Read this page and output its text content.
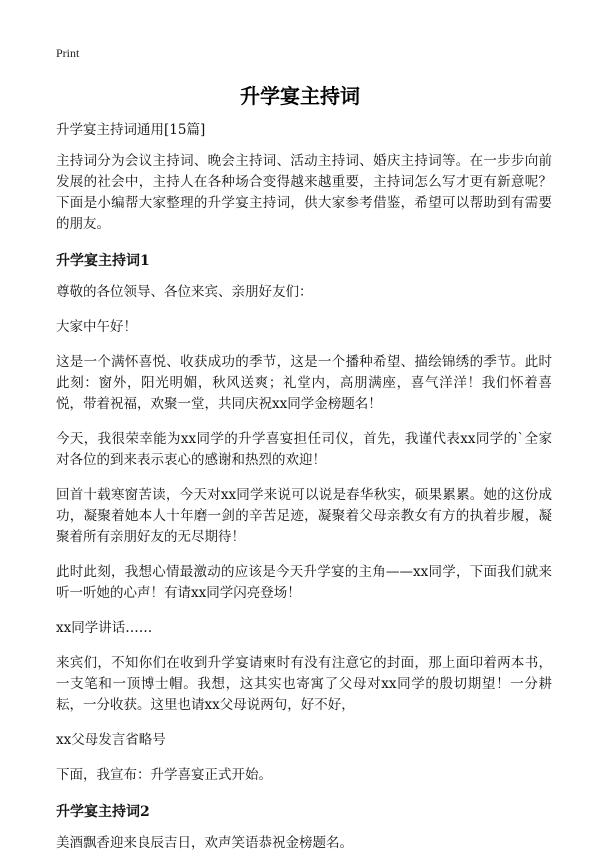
Print
升学宴主持词

升学宴主持词通用[15篇]

主持词分为会议主持词、晚会主持词、活动主持词、婚庆主持词等。在一步步向前发展的社会中，主持人在各种场合变得越来越重要，主持词怎么写才更有新意呢？下面是小编帮大家整理的升学宴主持词，供大家参考借鉴，希望可以帮助到有需要的朋友。

升学宴主持词1

尊敬的各位领导、各位来宾、亲朋好友们：

大家中午好！

这是一个满怀喜悦、收获成功的季节，这是一个播种希望、描绘锦绣的季节。此时此刻：窗外，阳光明媚，秋风送爽；礼堂内，高朋满座，喜气洋洋！我们怀着喜悦，带着祝福，欢聚一堂，共同庆祝xx同学金榜题名！

今天，我很荣幸能为xx同学的升学喜宴担任司仪，首先，我谨代表xx同学的`全家对各位的到来表示衷心的感谢和热烈的欢迎！

回首十载寒窗苦读，今天对xx同学来说可以说是春华秋实，硕果累累。她的这份成功，凝聚着她本人十年磨一剑的辛苦足迹，凝聚着父母亲教女有方的执着步履，凝聚着所有亲朋好友的无尽期待！

此时此刻，我想心情最激动的应该是今天升学宴的主角——xx同学，下面我们就来听一听她的心声！有请xx同学闪亮登场！

xx同学讲话……

来宾们，不知你们在收到升学宴请柬时有没有注意它的封面，那上面印着两本书，一支笔和一顶博士帽。我想，这其实也寄寓了父母对xx同学的殷切期望！一分耕耘，一分收获。这里也请xx父母说两句，好不好，

xx父母发言省略号

下面，我宣布：升学喜宴正式开始。

升学宴主持词2

美酒飘香迎来良辰吉日，欢声笑语恭祝金榜题名。
